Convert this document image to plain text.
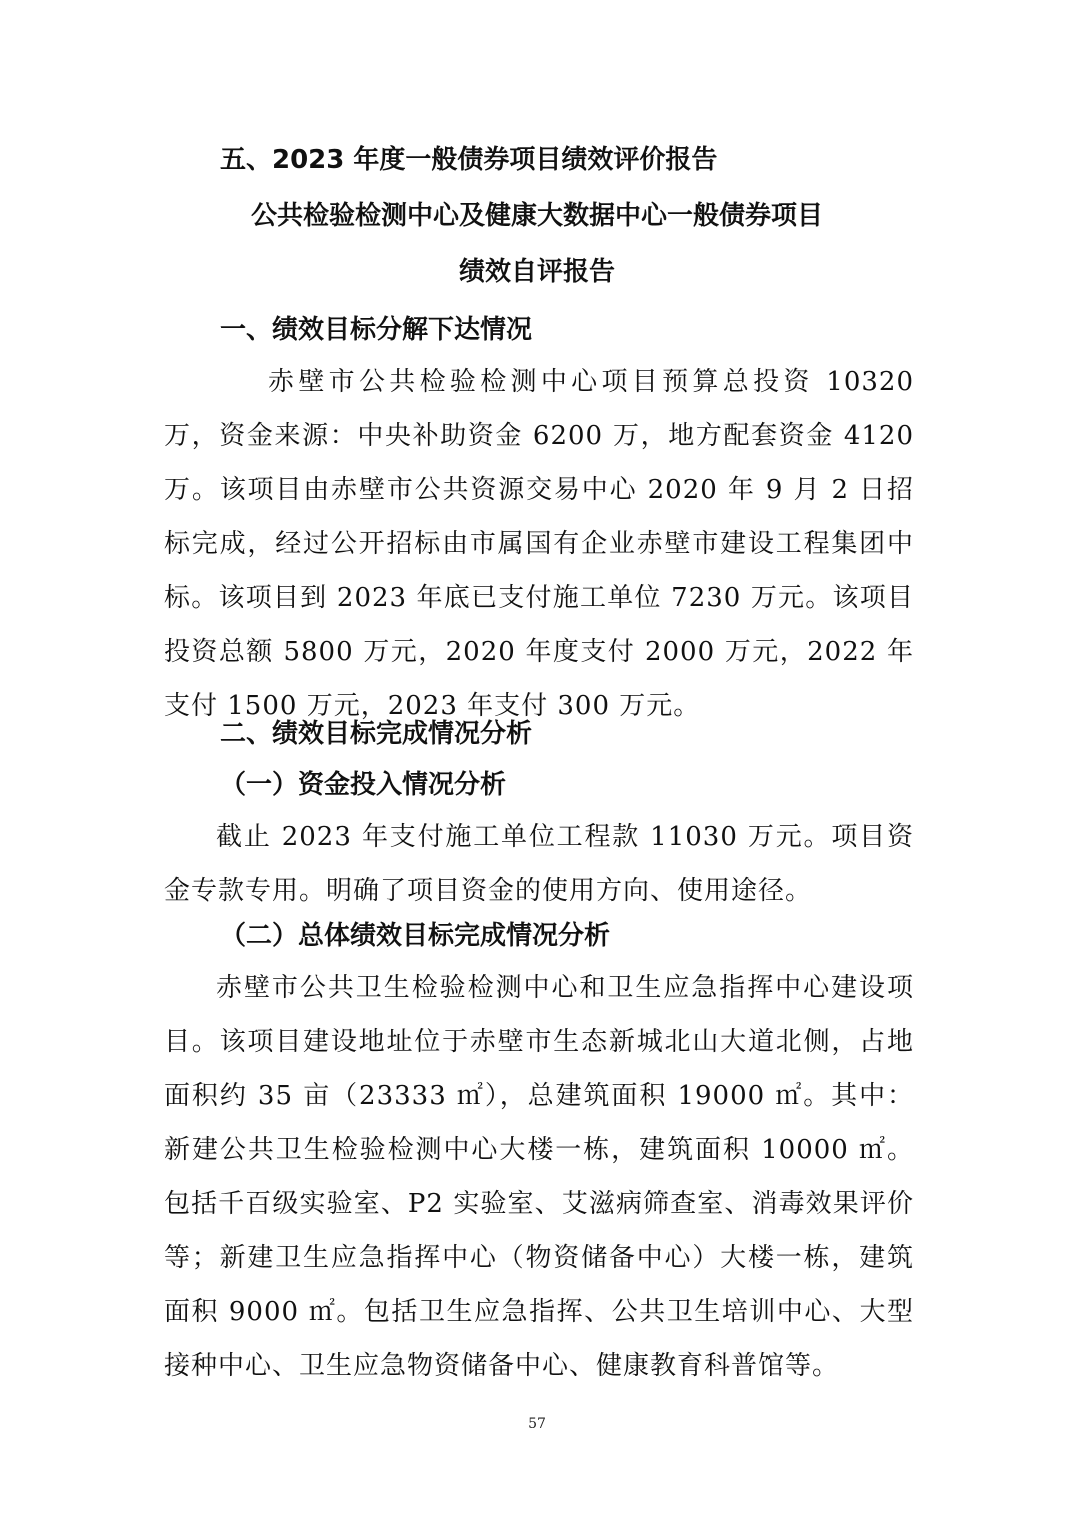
五、2023 年度一般债券项目绩效评价报告
公共检验检测中心及健康大数据中心一般债券项目
绩效自评报告
一、绩效目标分解下达情况

赤壁市公共检验检测中心项目预算总投资 10320 万，资金来源：中央补助资金 6200 万，地方配套资金 4120 万。该项目由赤壁市公共资源交易中心 2020 年 9 月 2 日招标完成，经过公开招标由市属国有企业赤壁市建设工程集团中标。该项目到 2023 年底已支付施工单位 7230 万元。该项目投资总额 5800 万元，2020 年度支付 2000 万元，2022 年支付 1500 万元，2023 年支付 300 万元。

二、绩效目标完成情况分析
（一）资金投入情况分析

截止 2023 年支付施工单位工程款 11030 万元。项目资金专款专用。明确了项目资金的使用方向、使用途径。

（二）总体绩效目标完成情况分析

赤壁市公共卫生检验检测中心和卫生应急指挥中心建设项目。该项目建设地址位于赤壁市生态新城北山大道北侧，占地面积约 35 亩（23333 ㎡），总建筑面积 19000 ㎡。其中：新建公共卫生检验检测中心大楼一栋，建筑面积 10000 ㎡。包括千百级实验室、P2 实验室、艾滋病筛查室、消毒效果评价等；新建卫生应急指挥中心（物资储备中心）大楼一栋，建筑面积 9000 ㎡。包括卫生应急指挥、公共卫生培训中心、大型接种中心、卫生应急物资储备中心、健康教育科普馆等。

57
